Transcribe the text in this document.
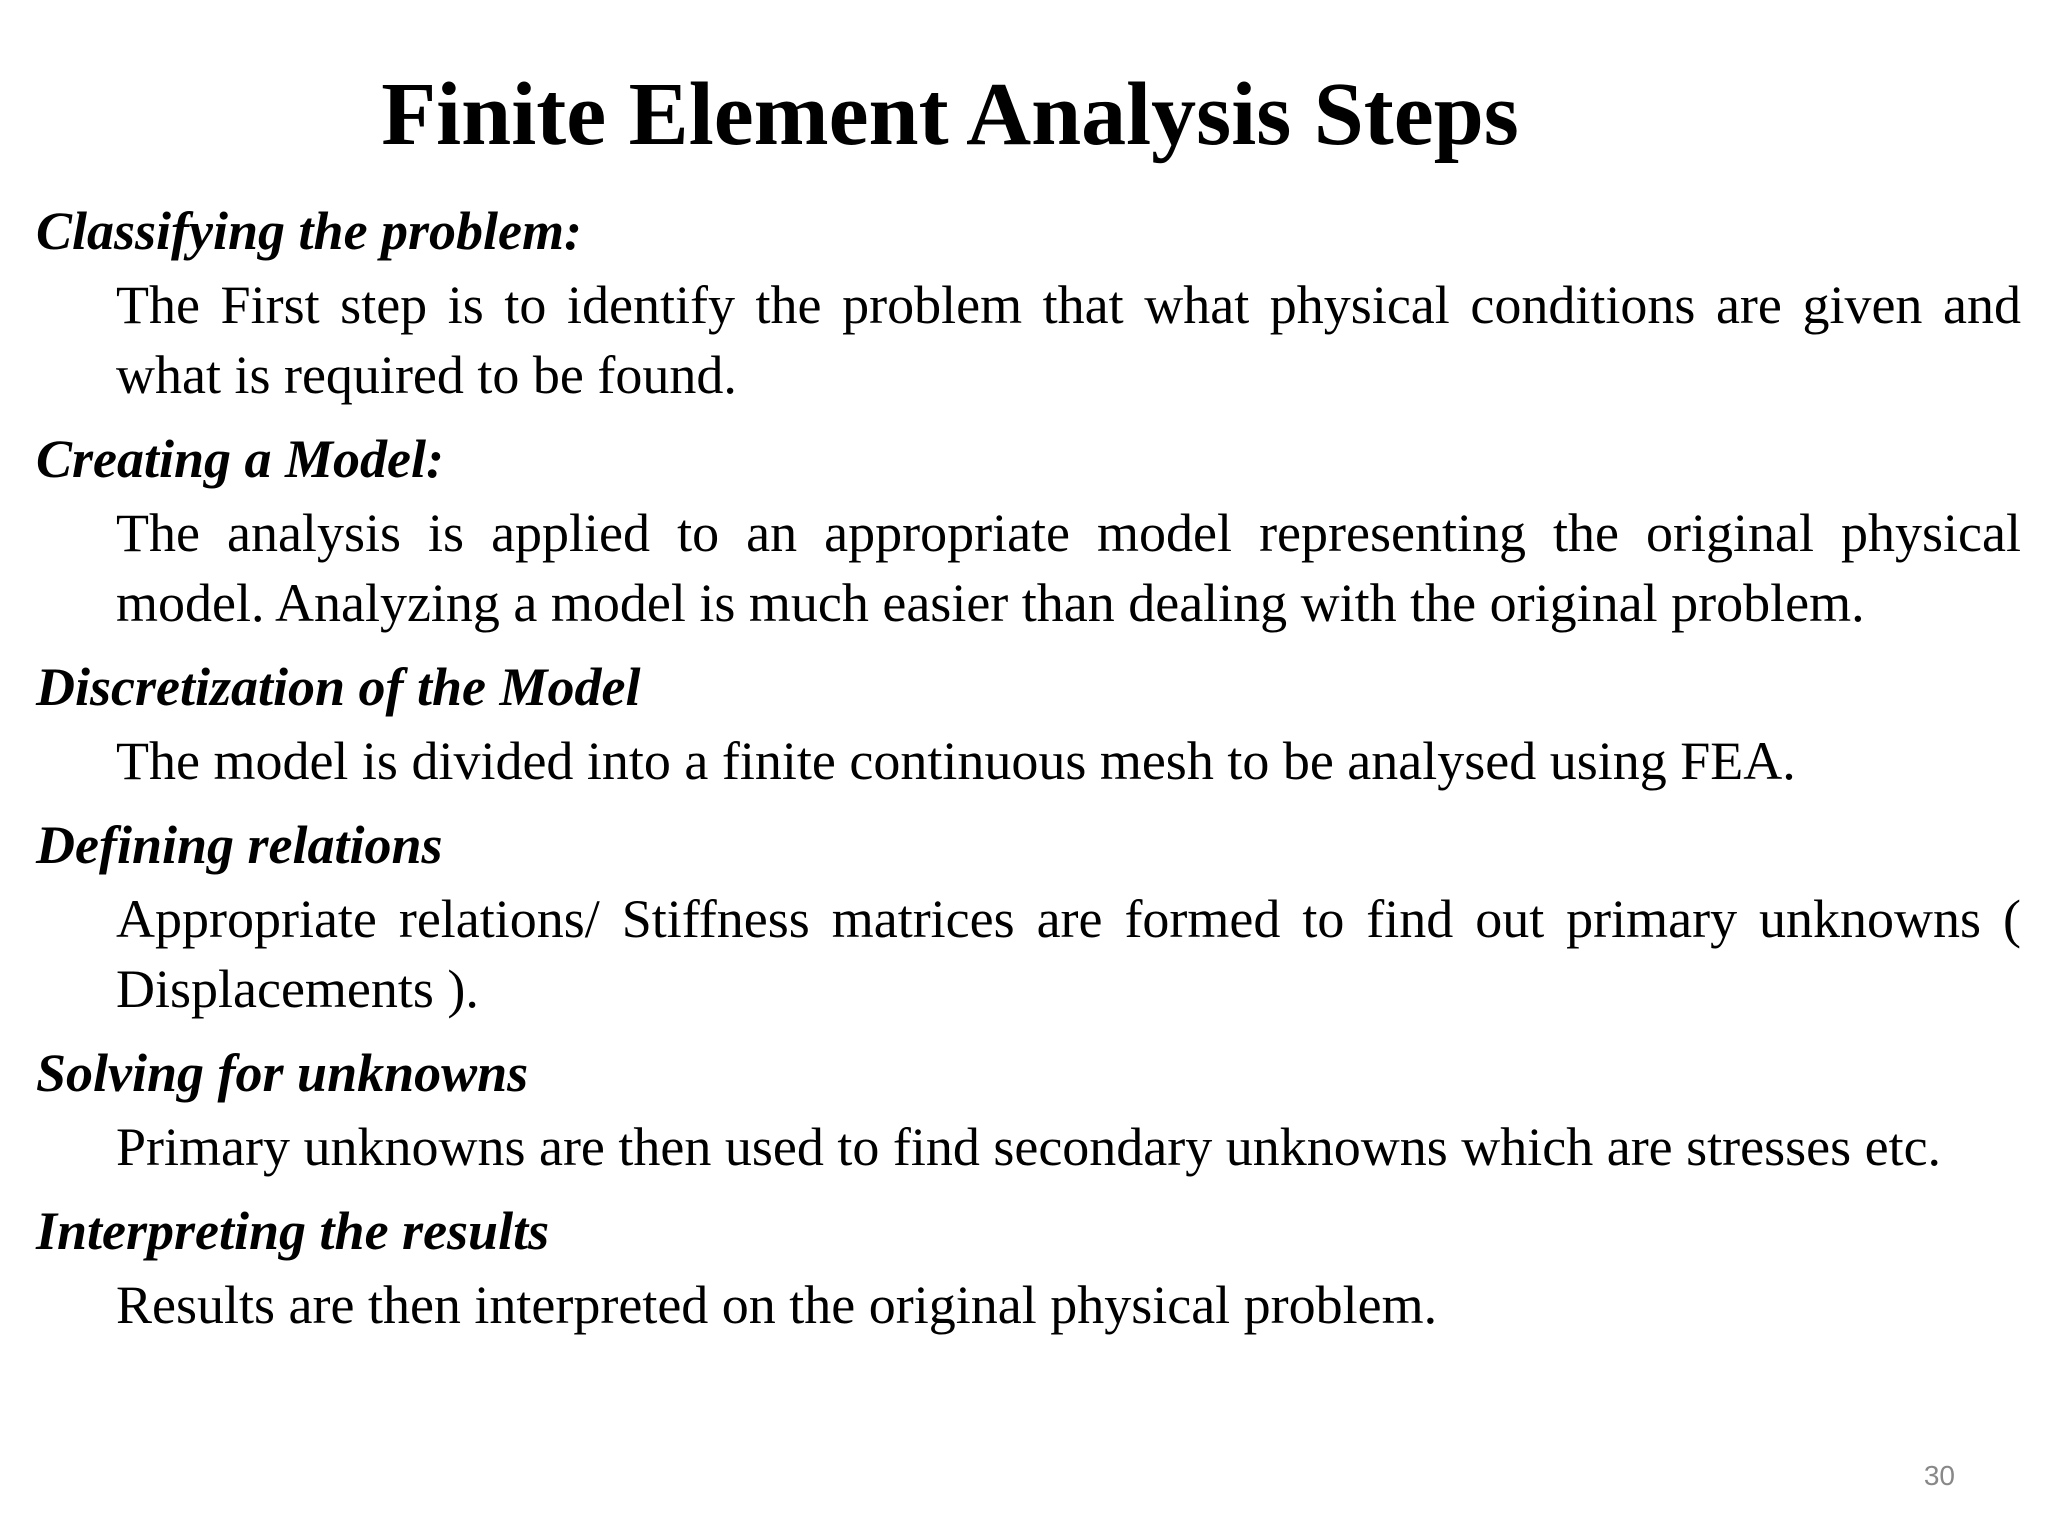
Finite Element Analysis Steps

Classifying the problem:

The First step is to identify the problem that what physical conditions are given and what is required to be found.

Creating a Model:

The analysis is applied to an appropriate model representing the original physical model. Analyzing a model is much easier than dealing with the original problem.

Discretization of the Model

The model is divided into a finite continuous mesh to be analysed using FEA.

Defining relations

Appropriate relations/ Stiffness matrices are formed to find out primary unknowns ( Displacements ).

Solving for unknowns

Primary unknowns are then used to find secondary unknowns which are stresses etc.

Interpreting the results

Results are then interpreted on the original physical problem.

30
